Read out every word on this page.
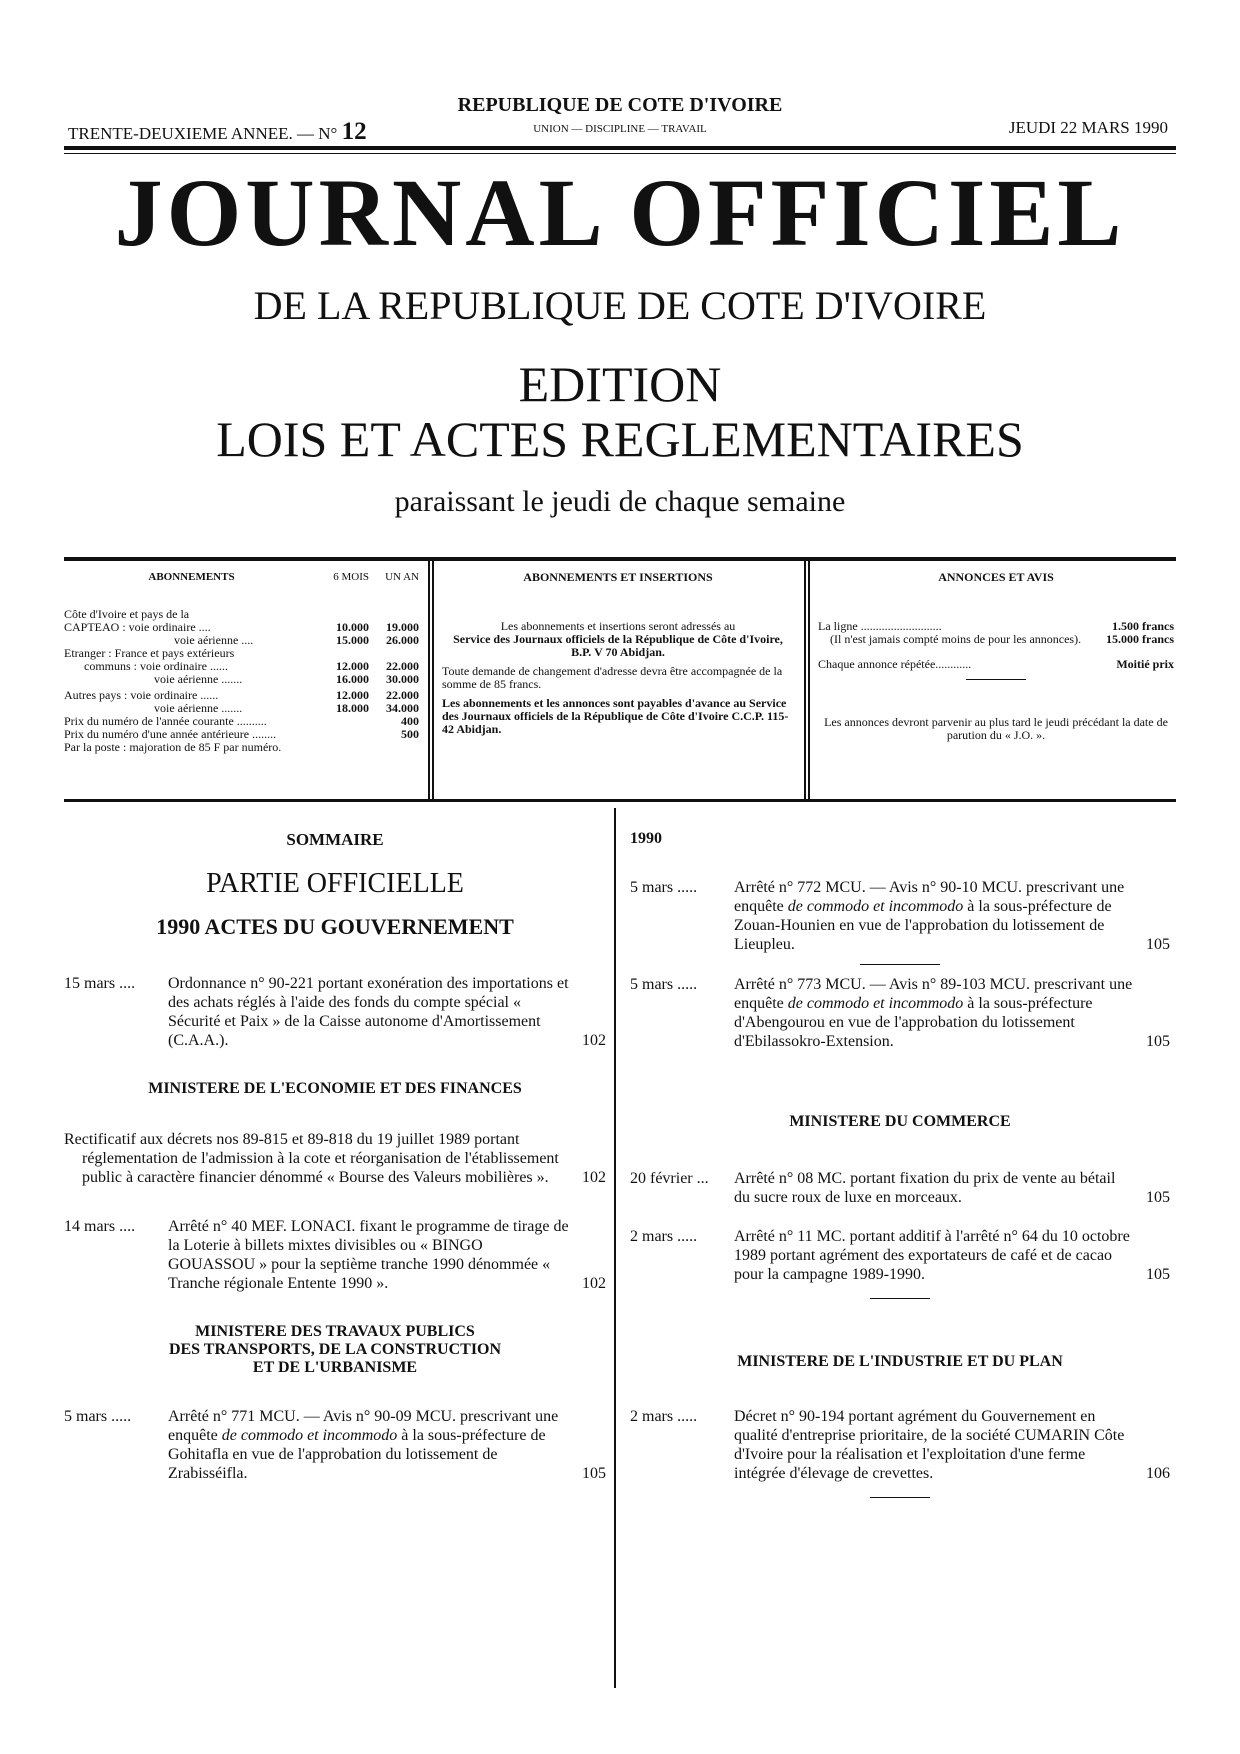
TRENTE-DEUXIEME ANNEE. — N° 12
REPUBLIQUE DE COTE D'IVOIRE
UNION — DISCIPLINE — TRAVAIL	JEUDI 22 MARS 1990
JOURNAL OFFICIEL
DE LA REPUBLIQUE DE COTE D'IVOIRE
EDITION
LOIS ET ACTES REGLEMENTAIRES
paraissant le jeudi de chaque semaine
ABONNEMENTS	6 MOIS	UN AN
Côte d'Ivoire et pays de la
CAPTEAO : voie ordinaire ....	10.000	19.000
voie aérienne ....	15.000	26.000
Etranger : France et pays extérieurs
communs : voie ordinaire ......	12.000	22.000
voie aérienne .......	16.000	30.000
Autres pays : voie ordinaire ......	12.000	22.000
voie aérienne .......	18.000	34.000
Prix du numéro de l'année courante ..........	400
Prix du numéro d'une année antérieure ........	500
Par la poste : majoration de 85 F par numéro.
ABONNEMENTS ET INSERTIONS
Les abonnements et insertions seront adressés au
Service des Journaux officiels de la République de Côte d'Ivoire, B.P. V 70 Abidjan.
Toute demande de changement d'adresse devra être accompagnée de la somme de 85 francs.
Les abonnements et les annonces sont payables d'avance au Service des Journaux officiels de la République de Côte d'Ivoire C.C.P. 115-42 Abidjan.
ANNONCES ET AVIS
La ligne ...........................	1.500 francs
(Il n'est jamais compté moins de pour les annonces).	15.000 francs
Chaque annonce répétée............	Moitié prix
Les annonces devront parvenir au plus tard le jeudi précédant la date de parution du « J.O. ».
SOMMAIRE
PARTIE OFFICIELLE
1990 ACTES DU GOUVERNEMENT
15 mars ....	Ordonnance n° 90-221 portant exonération des importations et des achats réglés à l'aide des fonds du compte spécial « Sécurité et Paix » de la Caisse autonome d'Amortissement (C.A.A.).	102
MINISTERE DE L'ECONOMIE ET DES FINANCES
Rectificatif aux décrets nos 89-815 et 89-818 du 19 juillet 1989 portant réglementation de l'admission à la cote et réorganisation de l'établissement public à caractère financier dénommé « Bourse des Valeurs mobilières ».	102
14 mars ....	Arrêté n° 40 MEF. LONACI. fixant le programme de tirage de la Loterie à billets mixtes divisibles ou « BINGO GOUASSOU » pour la septième tranche 1990 dénommée « Tranche régionale Entente 1990 ».	102
MINISTERE DES TRAVAUX PUBLICS
DES TRANSPORTS, DE LA CONSTRUCTION
ET DE L'URBANISME
5 mars .....	Arrêté n° 771 MCU. — Avis n° 90-09 MCU. prescrivant une enquête de commodo et incommodo à la sous-préfecture de Gohitafla en vue de l'approbation du lotissement de Zrabisséifla.	105
1990
5 mars .....	Arrêté n° 772 MCU. — Avis n° 90-10 MCU. prescrivant une enquête de commodo et incommodo à la sous-préfecture de Zouan-Hounien en vue de l'approbation du lotissement de Lieupleu.	105
5 mars .....	Arrêté n° 773 MCU. — Avis n° 89-103 MCU. prescrivant une enquête de commodo et incommodo à la sous-préfecture d'Abengourou en vue de l'approbation du lotissement d'Ebilassokro-Extension.	105
MINISTERE DU COMMERCE
20 février ...	Arrêté n° 08 MC. portant fixation du prix de vente au bétail du sucre roux de luxe en morceaux.	105
2 mars .....	Arrêté n° 11 MC. portant additif à l'arrêté n° 64 du 10 octobre 1989 portant agrément des exportateurs de café et de cacao pour la campagne 1989-1990.	105
MINISTERE DE L'INDUSTRIE ET DU PLAN
2 mars .....	Décret n° 90-194 portant agrément du Gouvernement en qualité d'entreprise prioritaire, de la société CUMARIN Côte d'Ivoire pour la réalisation et l'exploitation d'une ferme intégrée d'élevage de crevettes.	106
